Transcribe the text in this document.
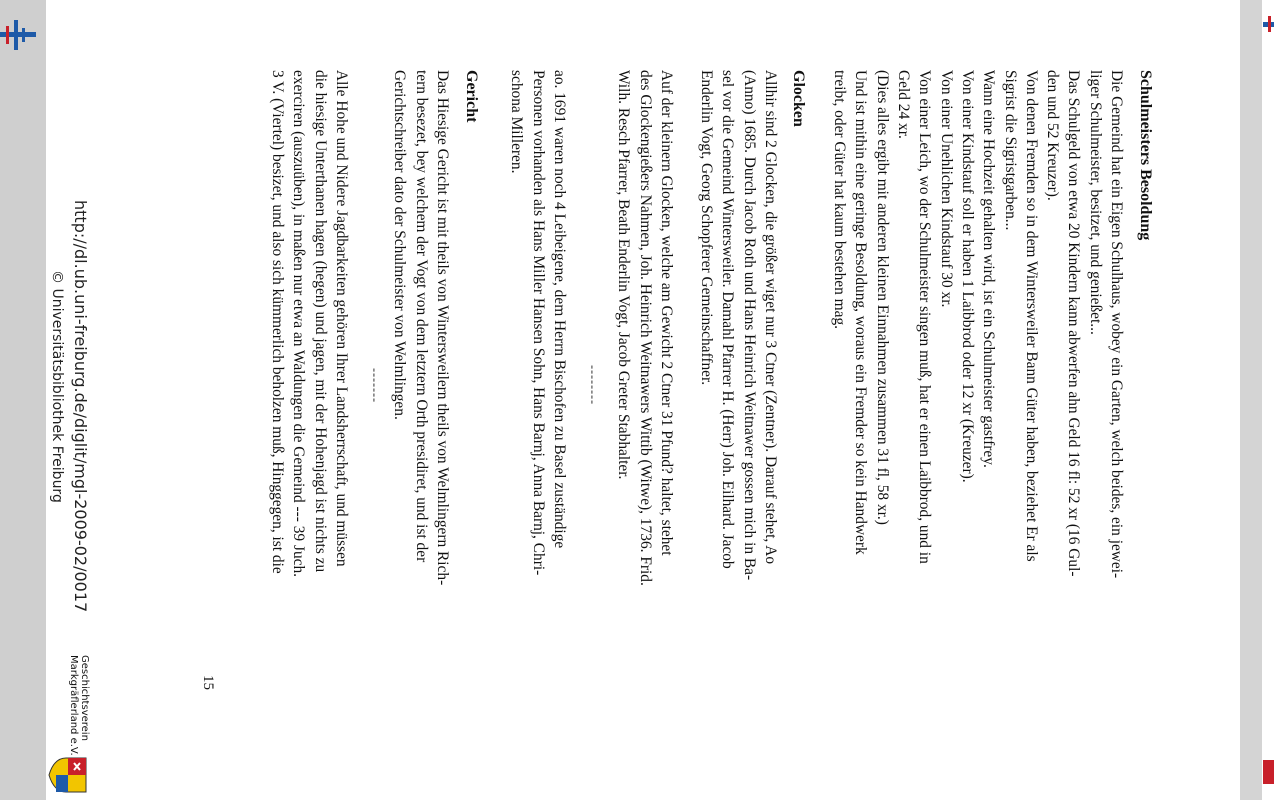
Schulmeisters Besoldung
Die Gemeind hat ein Eigen Schulhaus, wobey ein Garten, welch beides, ein jewei-
liger Schulmeister, besitzet, und genießet...
Das Schulgeld von etwa 20 Kindern kann abwerfen ahn Geld 16 fl: 52 xr (16 Gul-
den und 52 Kreuzer).
Von denen Fremden so in dem Wintersweiler Bann Güter haben, beziehet Er als
Sigrist die Sigristgarben...
Wann eine Hochzeit gehalten wird, ist ein Schulmeister gastfrey.
Von einer Kindstauf soll er haben 1 Laibbrod oder 12 xr (Kreuzer).
Von einer Unehlichen Kindstauf 30 xr.
Von einer Leich, wo der Schulmeister singen muß, hat er einen Laibbrod, und in
Geld 24 xr.
(Dies alles ergibt mit anderen kleinen Einnahmen zusammen 31 fl, 58 xr.)
Und ist mithin eine geringe Besoldung, woraus ein Fremder so kein Handwerk
treibt, oder Güter hat kaum bestehen mag.
Glocken
Allhir sind 2 Glocken, die größer wiget nur 3 Ctner (Zentner). Darauf stehet, Ao
(Anno) 1685. Durch Jacob Roth und Hans Heinrich Weitnawer gossen mich in Ba-
sel vor die Gemeind Wintersweiler. Damahl Pfarrer H. (Herr) Joh. Eilhard. Jacob
Enderlin Vogt, Georg Schopferer Gemeinschaffner.
Auf der kleinern Glocken, welche am Gewicht 2 Ctner 31 Pfund? haltet, stehet
des Glockengießers Nahmen, Joh. Heinrich Weitnawers Wittib (Witwe), 1736. Frid.
Wilh. Resch Pfarrer, Beath Enderlin Vogt, Jacob Greter Stabhalter.
--------
ao. 1691 waren noch 4 Leibeigene, dem Herrn Bischofen zu Basel zuständige
Personen vorhanden als Hans Miller Hansen Sohn, Hans Barnj, Anna Barnj, Chri-
schona Milleren.
Gericht
Das Hiesige Gericht ist mit theils von Wintersweilern theils von Welmlingern Rich-
tern besezet, bey welchem der Vogt von dem letztern Orth presidiret, und ist der
Gerichtschreiber dato der Schulmeister von Welmlingen.
-------
Alle Hohe und Nidere Jagdbarkeiten gehören Ihrer Landsherrschaft, und müssen
die hiesige Unterthanen hagen (hegen) und jagen, mit der Hohenjagd ist nichts zu
exerciren (auszuüben), in maßen nur etwa an Waldungen die Gemeind --- 39 Juch.
3 V. (Viertel) besizet, und also sich kümmerlich beholzen muß, Hinggegen, ist die
15
http://dl.ub.uni-freiburg.de/diglit/mgl-2009-02/0017
© Universitätsbibliothek Freiburg
Geschichtsverein
Markgräflerland e.V.
